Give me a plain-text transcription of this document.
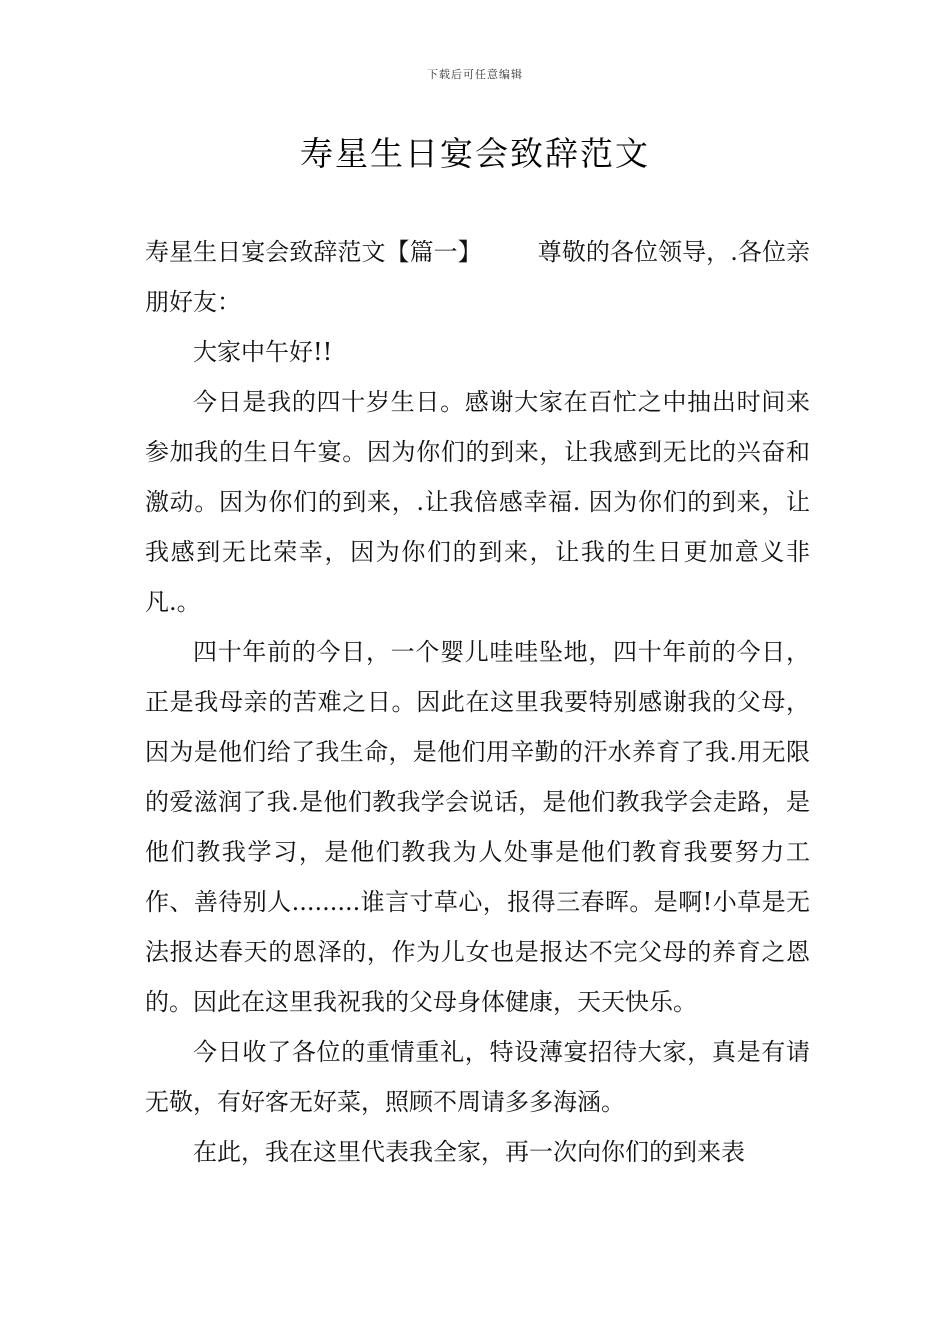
下载后可任意编辑
寿星生日宴会致辞范文

寿星生日宴会致辞范文【篇一】 尊敬的各位领导，.各位亲朋好友：

大家中午好!!

今日是我的四十岁生日。感谢大家在百忙之中抽出时间来参加我的生日午宴。因为你们的到来，让我感到无比的兴奋和激动。因为你们的到来，.让我倍感幸福. 因为你们的到来，让我感到无比荣幸，因为你们的到来，让我的生日更加意义非凡.。

四十年前的今日，一个婴儿哇哇坠地，四十年前的今日，正是我母亲的苦难之日。因此在这里我要特别感谢我的父母，因为是他们给了我生命，是他们用辛勤的汗水养育了我.用无限的爱滋润了我.是他们教我学会说话，是他们教我学会走路，是他们教我学习，是他们教我为人处事是他们教育我要努力工作、善待别人.........谁言寸草心，报得三春晖。是啊!小草是无法报达春天的恩泽的，作为儿女也是报达不完父母的养育之恩的。因此在这里我祝我的父母身体健康，天天快乐。

今日收了各位的重情重礼，特设薄宴招待大家，真是有请无敬，有好客无好菜，照顾不周请多多海涵。

在此，我在这里代表我全家，再一次向你们的到来表
